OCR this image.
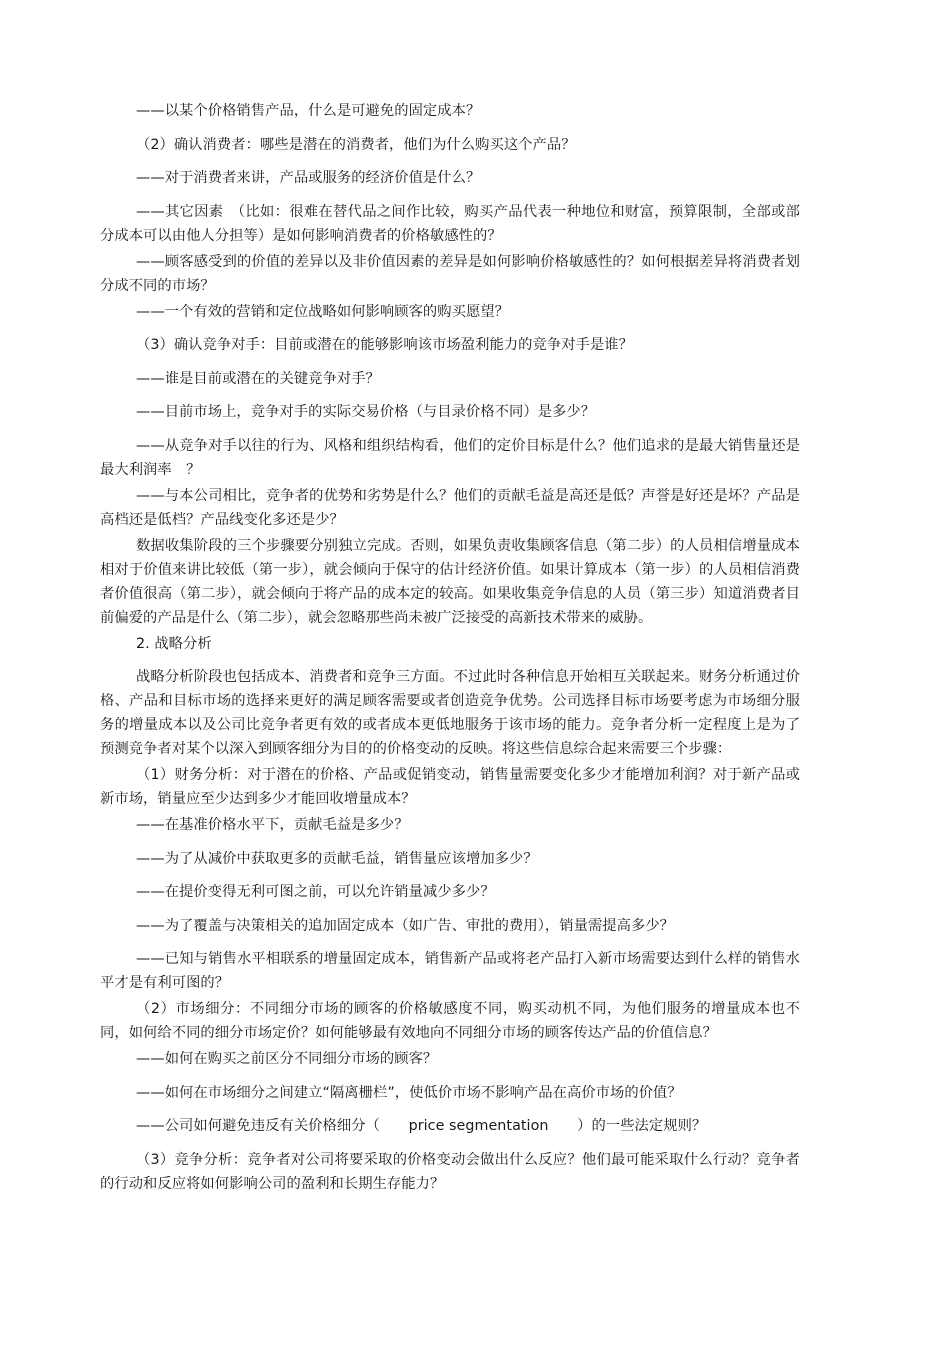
——以某个价格销售产品，什么是可避免的固定成本？

（2）确认消费者：哪些是潜在的消费者，他们为什么购买这个产品？

——对于消费者来讲，产品或服务的经济价值是什么？

——其它因素　（比如：很难在替代品之间作比较，购买产品代表一种地位和财富，预算限制，全部或部分成本可以由他人分担等）是如何影响消费者的价格敏感性的？

——顾客感受到的价值的差异以及非价值因素的差异是如何影响价格敏感性的？如何根据差异将消费者划分成不同的市场？

——一个有效的营销和定位战略如何影响顾客的购买愿望？

（3）确认竞争对手：目前或潜在的能够影响该市场盈利能力的竞争对手是谁？

——谁是目前或潜在的关键竞争对手？

——目前市场上，竞争对手的实际交易价格（与目录价格不同）是多少？

——从竞争对手以往的行为、风格和组织结构看，他们的定价目标是什么？他们追求的是最大销售量还是最大利润率　？

——与本公司相比，竞争者的优势和劣势是什么？他们的贡献毛益是高还是低？声誉是好还是坏？产品是高档还是低档？产品线变化多还是少？

数据收集阶段的三个步骤要分别独立完成。否则，如果负责收集顾客信息（第二步）的人员相信增量成本相对于价值来讲比较低（第一步），就会倾向于保守的估计经济价值。如果计算成本（第一步）的人员相信消费者价值很高（第二步），就会倾向于将产品的成本定的较高。如果收集竞争信息的人员（第三步）知道消费者目前偏爱的产品是什么（第二步），就会忽略那些尚未被广泛接受的高新技术带来的威胁。

2. 战略分析

战略分析阶段也包括成本、消费者和竞争三方面。不过此时各种信息开始相互关联起来。财务分析通过价格、产品和目标市场的选择来更好的满足顾客需要或者创造竞争优势。公司选择目标市场要考虑为市场细分服务的增量成本以及公司比竞争者更有效的或者成本更低地服务于该市场的能力。竞争者分析一定程度上是为了预测竞争者对某个以深入到顾客细分为目的的价格变动的反映。将这些信息综合起来需要三个步骤：

（1）财务分析：对于潜在的价格、产品或促销变动，销售量需要变化多少才能增加利润？对于新产品或新市场，销量应至少达到多少才能回收增量成本？

——在基准价格水平下，贡献毛益是多少？

——为了从减价中获取更多的贡献毛益，销售量应该增加多少？

——在提价变得无利可图之前，可以允许销量减少多少？

——为了覆盖与决策相关的追加固定成本（如广告、审批的费用），销量需提高多少？

——已知与销售水平相联系的增量固定成本，销售新产品或将老产品打入新市场需要达到什么样的销售水平才是有利可图的？

（2）市场细分：不同细分市场的顾客的价格敏感度不同，购买动机不同，为他们服务的增量成本也不同，如何给不同的细分市场定价？如何能够最有效地向不同细分市场的顾客传达产品的价值信息？

——如何在购买之前区分不同细分市场的顾客？

——如何在市场细分之间建立“隔离栅栏”，使低价市场不影响产品在高价市场的价值？

——公司如何避免违反有关价格细分（　　price segmentation　　）的一些法定规则？

（3）竞争分析：竞争者对公司将要采取的价格变动会做出什么反应？他们最可能采取什么行动？竞争者的行动和反应将如何影响公司的盈利和长期生存能力？
